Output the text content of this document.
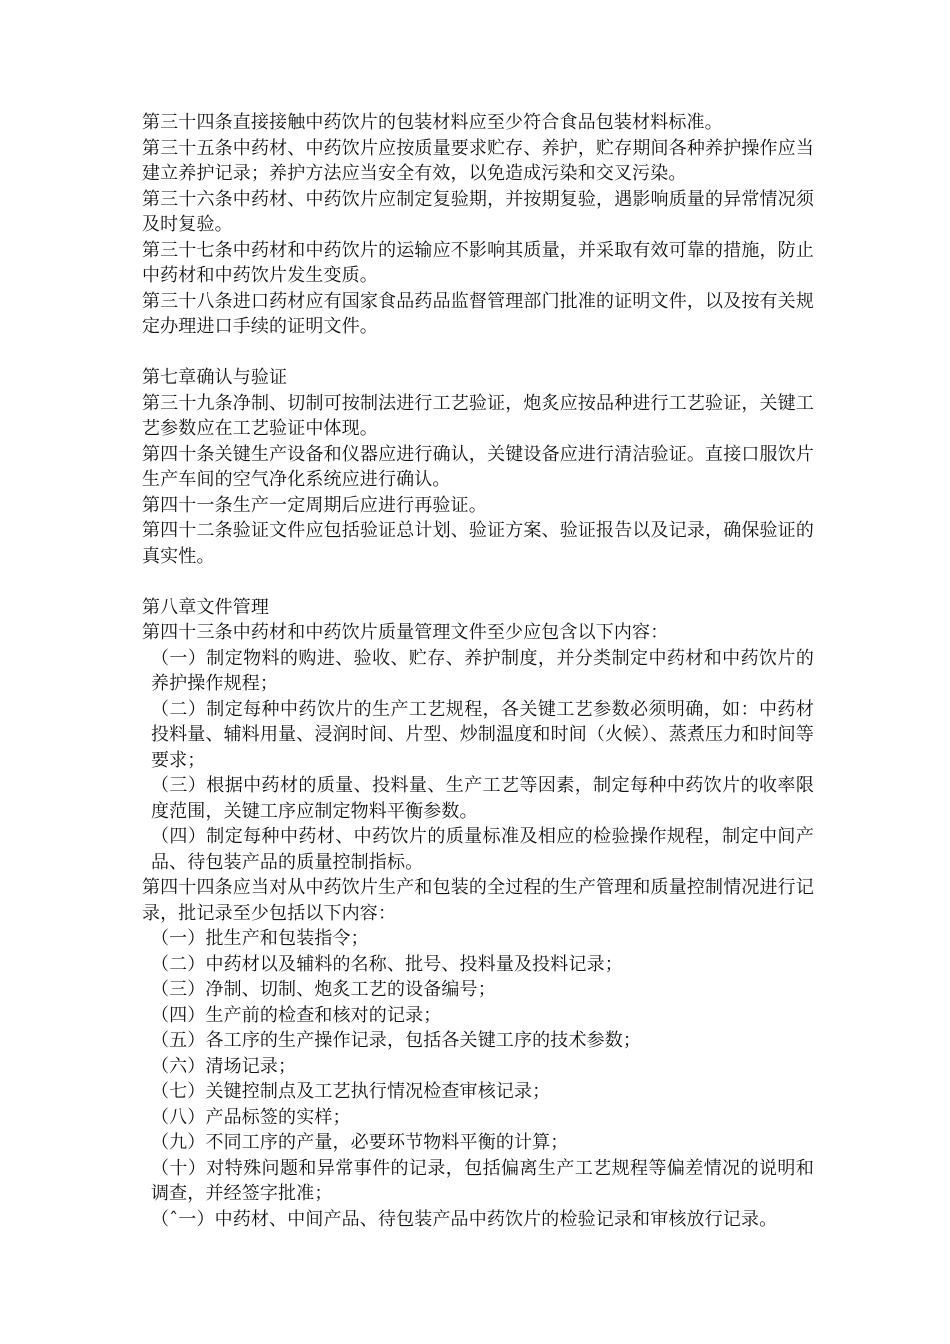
第三十四条直接接触中药饮片的包装材料应至少符合食品包装材料标准。

第三十五条中药材、中药饮片应按质量要求贮存、养护，贮存期间各种养护操作应当建立养护记录；养护方法应当安全有效，以免造成污染和交叉污染。

第三十六条中药材、中药饮片应制定复验期，并按期复验，遇影响质量的异常情况须及时复验。

第三十七条中药材和中药饮片的运输应不影响其质量，并采取有效可靠的措施，防止中药材和中药饮片发生变质。

第三十八条进口药材应有国家食品药品监督管理部门批准的证明文件，以及按有关规定办理进口手续的证明文件。

第七章确认与验证

第三十九条净制、切制可按制法进行工艺验证，炮炙应按品种进行工艺验证，关键工艺参数应在工艺验证中体现。

第四十条关键生产设备和仪器应进行确认，关键设备应进行清洁验证。直接口服饮片生产车间的空气净化系统应进行确认。

第四十一条生产一定周期后应进行再验证。

第四十二条验证文件应包括验证总计划、验证方案、验证报告以及记录，确保验证的真实性。

第八章文件管理

第四十三条中药材和中药饮片质量管理文件至少应包含以下内容：

（一）制定物料的购进、验收、贮存、养护制度，并分类制定中药材和中药饮片的养护操作规程；

（二）制定每种中药饮片的生产工艺规程，各关键工艺参数必须明确，如：中药材投料量、辅料用量、浸润时间、片型、炒制温度和时间（火候）、蒸煮压力和时间等要求；

（三）根据中药材的质量、投料量、生产工艺等因素，制定每种中药饮片的收率限度范围，关键工序应制定物料平衡参数。

（四）制定每种中药材、中药饮片的质量标准及相应的检验操作规程，制定中间产品、待包装产品的质量控制指标。

第四十四条应当对从中药饮片生产和包装的全过程的生产管理和质量控制情况进行记录，批记录至少包括以下内容：

（一）批生产和包装指令；

（二）中药材以及辅料的名称、批号、投料量及投料记录；

（三）净制、切制、炮炙工艺的设备编号；

（四）生产前的检查和核对的记录；

（五）各工序的生产操作记录，包括各关键工序的技术参数；

（六）清场记录；

（七）关键控制点及工艺执行情况检查审核记录；

（八）产品标签的实样；

（九）不同工序的产量，必要环节物料平衡的计算；

（十）对特殊问题和异常事件的记录，包括偏离生产工艺规程等偏差情况的说明和调查，并经签字批准；

（ˆ一）中药材、中间产品、待包装产品中药饮片的检验记录和审核放行记录。
